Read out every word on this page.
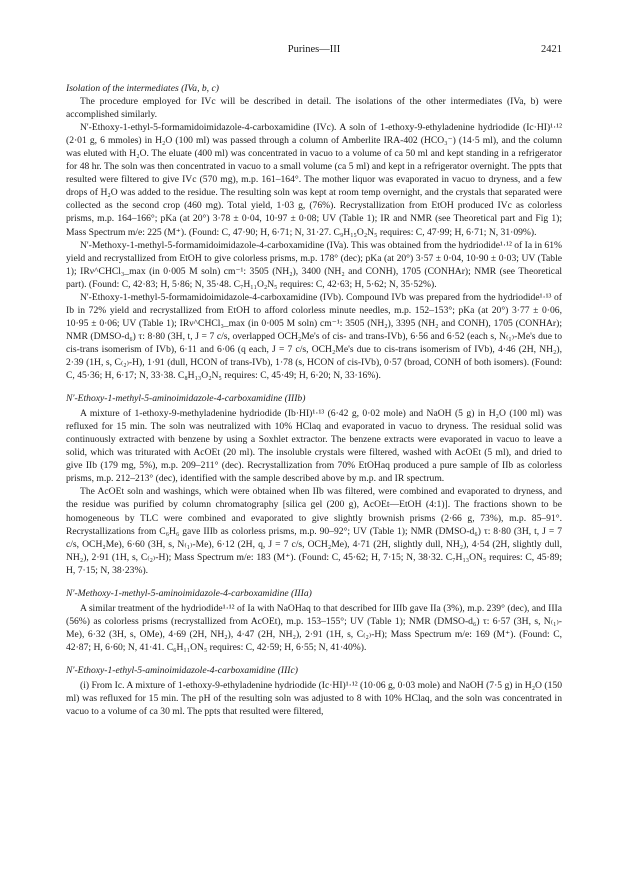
Purines—III	2421

Isolation of the intermediates (IVa, b, c)

The procedure employed for IVc will be described in detail. The isolations of the other intermediates (IVa, b) were accomplished similarly.

N'-Ethoxy-1-ethyl-5-formamidoimidazole-4-carboxamidine (IVc). A soln of 1-ethoxy-9-ethyladenine hydriodide (Ic·HI)¹·¹² (2·01 g, 6 mmoles) in H₂O (100 ml) was passed through a column of Amberlite IRA-402 (HCO₃⁻) (14·5 ml), and the column was eluted with H₂O. The eluate (400 ml) was concentrated in vacuo to a volume of ca 50 ml and kept standing in a refrigerator for 48 hr. The soln was then concentrated in vacuo to a small volume (ca 5 ml) and kept in a refrigerator overnight. The ppts that resulted were filtered to give IVc (570 mg), m.p. 161–164°. The mother liquor was evaporated in vacuo to dryness, and a few drops of H₂O was added to the residue. The resulting soln was kept at room temp overnight, and the crystals that separated were collected as the second crop (460 mg). Total yield, 1·03 g, (76%). Recrystallization from EtOH produced IVc as colorless prisms, m.p. 164–166°; pKa (at 20°) 3·78 ± 0·04, 10·97 ± 0·08; UV (Table 1); IR and NMR (see Theoretical part and Fig 1); Mass Spectrum m/e: 225 (M⁺). (Found: C, 47·90; H, 6·71; N, 31·27. C₉H₁₅O₂N₅ requires: C, 47·99; H, 6·71; N, 31·09%).

N'-Methoxy-1-methyl-5-formamidoimidazole-4-carboxamidine (IVa). This was obtained from the hydriodide¹·¹² of Ia in 61% yield and recrystallized from EtOH to give colorless prisms, m.p. 178° (dec); pKa (at 20°) 3·57 ± 0·04, 10·90 ± 0·03; UV (Table 1); IRν^CHCl₃_max (in 0·005 M soln) cm⁻¹: 3505 (NH₂), 3400 (NH₂ and CONH), 1705 (CONHAr); NMR (see Theoretical part). (Found: C, 42·83; H, 5·86; N, 35·48. C₇H₁₁O₂N₅ requires: C, 42·63; H, 5·62; N, 35·52%).

N'-Ethoxy-1-methyl-5-formamidoimidazole-4-carboxamidine (IVb). Compound IVb was prepared from the hydriodide¹·¹³ of Ib in 72% yield and recrystallized from EtOH to afford colorless minute needles, m.p. 152–153°; pKa (at 20°) 3·77 ± 0·06, 10·95 ± 0·06; UV (Table 1); IRν^CHCl₃_max (in 0·005 M soln) cm⁻¹: 3505 (NH₂), 3395 (NH₂ and CONH), 1705 (CONHAr); NMR (DMSO-d₆) τ: 8·80 (3H, t, J = 7 c/s, overlapped OCH₂Me's of cis- and trans-IVb), 6·56 and 6·52 (each s, N₍₁₎-Me's due to cis-trans isomerism of IVb), 6·11 and 6·06 (q each, J = 7 c/s, OCH₂Me's due to cis-trans isomerism of IVb), 4·46 (2H, NH₂), 2·39 (1H, s, C₍₂₎-H), 1·91 (dull, HCON of trans-IVb), 1·78 (s, HCON of cis-IVb), 0·57 (broad, CONH of both isomers). (Found: C, 45·36; H, 6·17; N, 33·38. C₈H₁₃O₂N₅ requires: C, 45·49; H, 6·20; N, 33·16%).

N'-Ethoxy-1-methyl-5-aminoimidazole-4-carboxamidine (IIIb)

A mixture of 1-ethoxy-9-methyladenine hydriodide (Ib·HI)¹·¹³ (6·42 g, 0·02 mole) and NaOH (5 g) in H₂O (100 ml) was refluxed for 15 min. The soln was neutralized with 10% HClaq and evaporated in vacuo to dryness. The residual solid was continuously extracted with benzene by using a Soxhlet extractor. The benzene extracts were evaporated in vacuo to leave a solid, which was triturated with AcOEt (20 ml). The insoluble crystals were filtered, washed with AcOEt (5 ml), and dried to give IIb (179 mg, 5%), m.p. 209–211° (dec). Recrystallization from 70% EtOHaq produced a pure sample of IIb as colorless prisms, m.p. 212–213° (dec), identified with the sample described above by m.p. and IR spectrum.

The AcOEt soln and washings, which were obtained when IIb was filtered, were combined and evaporated to dryness, and the residue was purified by column chromatography [silica gel (200 g), AcOEt—EtOH (4:1)]. The fractions shown to be homogeneous by TLC were combined and evaporated to give slightly brownish prisms (2·66 g, 73%), m.p. 85–91°. Recrystallizations from C₆H₆ gave IIIb as colorless prisms, m.p. 90–92°; UV (Table 1); NMR (DMSO-d₆) τ: 8·80 (3H, t, J = 7 c/s, OCH₂Me), 6·60 (3H, s, N₍₁₎-Me), 6·12 (2H, q, J = 7 c/s, OCH₂Me), 4·71 (2H, slightly dull, NH₂), 4·54 (2H, slightly dull, NH₂), 2·91 (1H, s, C₍₂₎-H); Mass Spectrum m/e: 183 (M⁺). (Found: C, 45·62; H, 7·15; N, 38·32. C₇H₁₃ON₅ requires: C, 45·89; H, 7·15; N, 38·23%).

N'-Methoxy-1-methyl-5-aminoimidazole-4-carboxamidine (IIIa)

A similar treatment of the hydriodide¹·¹² of Ia with NaOHaq to that described for IIIb gave IIa (3%), m.p. 239° (dec), and IIIa (56%) as colorless prisms (recrystallized from AcOEt), m.p. 153–155°; UV (Table 1); NMR (DMSO-d₆) τ: 6·57 (3H, s, N₍₁₎-Me), 6·32 (3H, s, OMe), 4·69 (2H, NH₂), 4·47 (2H, NH₂), 2·91 (1H, s, C₍₂₎-H); Mass Spectrum m/e: 169 (M⁺). (Found: C, 42·87; H, 6·60; N, 41·41. C₆H₁₁ON₅ requires: C, 42·59; H, 6·55; N, 41·40%).

N'-Ethoxy-1-ethyl-5-aminoimidazole-4-carboxamidine (IIIc)

(i) From Ic. A mixture of 1-ethoxy-9-ethyladenine hydriodide (Ic·HI)¹·¹² (10·06 g, 0·03 mole) and NaOH (7·5 g) in H₂O (150 ml) was refluxed for 15 min. The pH of the resulting soln was adjusted to 8 with 10% HClaq, and the soln was concentrated in vacuo to a volume of ca 30 ml. The ppts that resulted were filtered,
